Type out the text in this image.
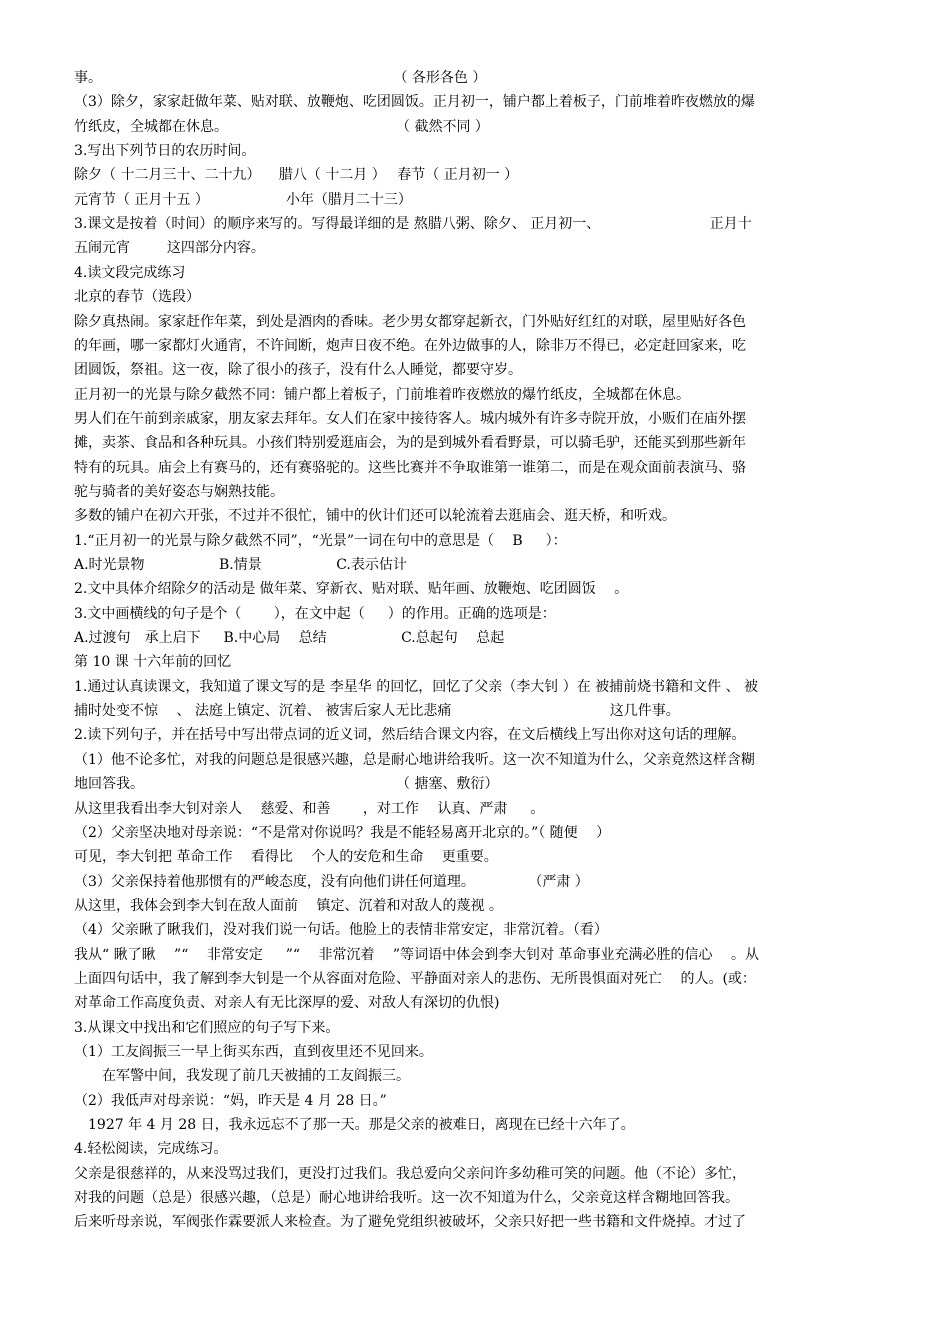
事。 　　　　　　　　　　　　　　　　　　　　　（ 各形各色 ）
（3）除夕，家家赶做年菜、贴对联、放鞭炮、吃团圆饭。正月初一，铺户都上着板子，门前堆着昨夜燃放的爆
竹纸皮，全城都在休息。　　　　　　　　　　　　　（ 截然不同 ）
3.写出下列节日的农历时间。
除夕（ 十二月三十、二十九） 　腊八（ 十二月 ）　 春节（ 正月初一 ）
元宵节（ 正月十五 ）　　　　　　小年（腊月二十三）
3.课文是按着（时间）的顺序来写的。写得最详细的是 熬腊八粥、除夕、 正月初一、　　　　　　　　 正月十
五闹元宵 　　 这四部分内容。
4.读文段完成练习
北京的春节（选段）
除夕真热闹。家家赶作年菜，到处是酒肉的香味。老少男女都穿起新衣，门外贴好红红的对联，屋里贴好各色
的年画，哪一家都灯火通宵，不许间断，炮声日夜不绝。在外边做事的人，除非万不得已，必定赶回家来，吃
团圆饭，祭祖。这一夜，除了很小的孩子，没有什么人睡觉，都要守岁。
正月初一的光景与除夕截然不同：铺户都上着板子，门前堆着昨夜燃放的爆竹纸皮，全城都在休息。
男人们在午前到亲戚家，朋友家去拜年。女人们在家中接待客人。城内城外有许多寺院开放，小贩们在庙外摆
摊，卖茶、食品和各种玩具。小孩们特别爱逛庙会，为的是到城外看看野景，可以骑毛驴，还能买到那些新年
特有的玩具。庙会上有赛马的，还有赛骆驼的。这些比赛并不争取谁第一谁第二，而是在观众面前表演马、骆
驼与骑者的美好姿态与娴熟技能。
多数的铺户在初六开张，不过并不很忙，铺中的伙计们还可以轮流着去逛庙会、逛天桥，和听戏。
1.“正月初一的光景与除夕截然不同”，“光景”一词在句中的意思是（ 　B 　 ）：
A.时光景物　　　　　 B.情景　　　　　 C.表示估计
2.文中具体介绍除夕的活动是 做年菜、穿新衣、贴对联、贴年画、放鞭炮、吃团圆饭 　。
3.文中画横线的句子是个（ 　　），在文中起（ 　 ）的作用。正确的选项是：
A.过渡句　承上启下 　 B.中心局 　总结　　　　　 C.总起句 　总起
第 10 课 十六年前的回忆
1.通过认真读课文，我知道了课文写的是 李星华 的回忆，回忆了父亲（李大钊 ）在 被捕前烧书籍和文件 、 被
捕时处变不惊 　、 法庭上镇定、沉着、 被害后家人无比悲痛　　　　　　　　　　　 这几件事。
2.读下列句子，并在括号中写出带点词的近义词，然后结合课文内容，在文后横线上写出你对这句话的理解。
（1）他不论多忙，对我的问题总是很感兴趣，总是耐心地讲给我听。这一次不知道为什么，父亲竟然这样含糊
地回答我。　　　　　　　　　　　　　　　　　　　（ 搪塞、敷衍）
从这里我看出李大钊对亲人 　慈爱、和善 　　，对工作 　认真、严肃 　 。
（2）父亲坚决地对母亲说：“不是常对你说吗？我是不能轻易离开北京的。”（ 随便 　）
可见，李大钊把 革命工作 　看得比 　个人的安危和生命 　更重要。
（3）父亲保持着他那惯有的严峻态度，没有向他们讲任何道理。 　　　　（严肃 ）
从这里，我体会到李大钊在敌人面前 　镇定、沉着和对敌人的蔑视 。
（4）父亲瞅了瞅我们，没对我们说一句话。他脸上的表情非常安定，非常沉着。（看）
我从“ 瞅了瞅 　”“ 　非常安定 　 ”“ 　非常沉着 　”等词语中体会到李大钊对 革命事业充满必胜的信心 　。从
上面四句话中，我了解到李大钊是一个从容面对危险、平静面对亲人的悲伤、无所畏惧面对死亡 　的人。(或：
对革命工作高度负责、对亲人有无比深厚的爱、对敌人有深切的仇恨)
3.从课文中找出和它们照应的句子写下来。
（1）工友阎振三一早上街买东西，直到夜里还不见回来。
　　在军警中间，我发现了前几天被捕的工友阎振三。
（2）我低声对母亲说：“妈，昨天是 4 月 28 日。”
　1927 年 4 月 28 日，我永远忘不了那一天。那是父亲的被难日，离现在已经十六年了。
4.轻松阅读，完成练习。
父亲是很慈祥的，从来没骂过我们，更没打过我们。我总爱向父亲问许多幼稚可笑的问题。他（不论）多忙，
对我的问题（总是）很感兴趣，（总是）耐心地讲给我听。这一次不知道为什么，父亲竟这样含糊地回答我。
后来听母亲说，军阀张作霖要派人来检查。为了避免党组织被破坏，父亲只好把一些书籍和文件烧掉。才过了
